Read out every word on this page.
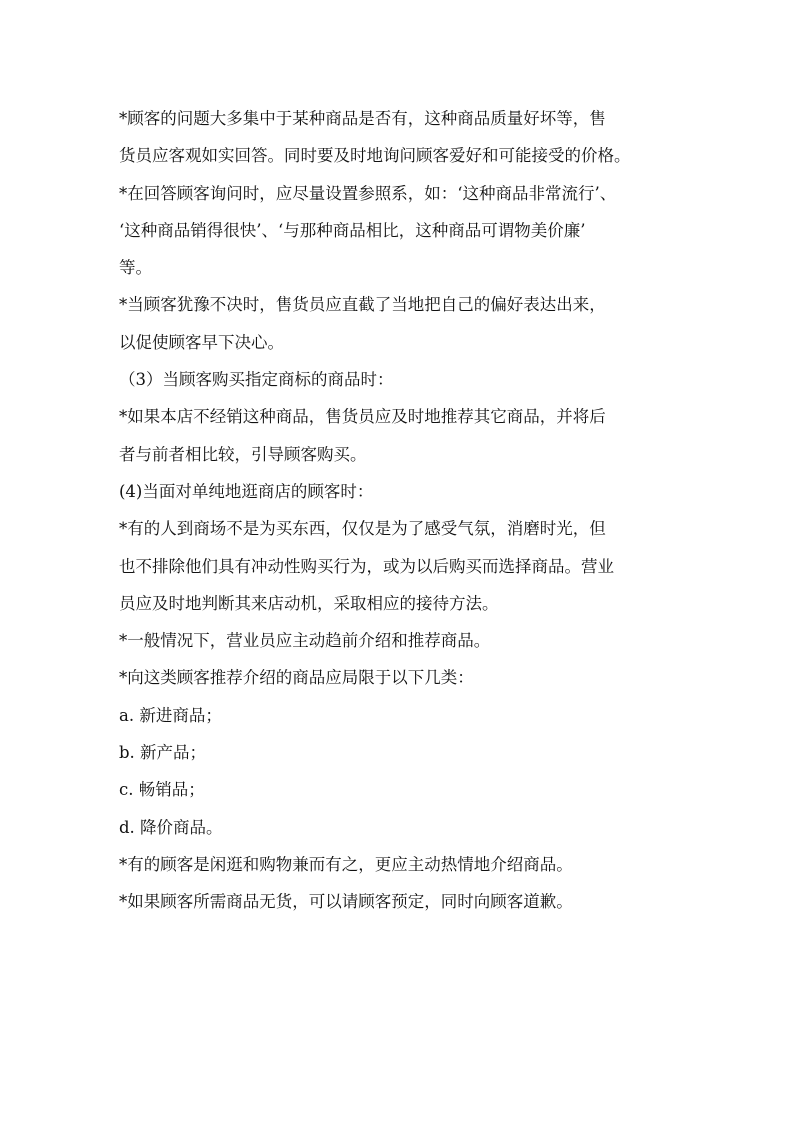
*顾客的问题大多集中于某种商品是否有，这种商品质量好坏等，售
货员应客观如实回答。同时要及时地询问顾客爱好和可能接受的价格。
*在回答顾客询问时，应尽量设置参照系，如：‘这种商品非常流行’、
‘这种商品销得很快’、‘与那种商品相比，这种商品可谓物美价廉’
等。
*当顾客犹豫不决时，售货员应直截了当地把自己的偏好表达出来，
以促使顾客早下决心。
（3）当顾客购买指定商标的商品时：
*如果本店不经销这种商品，售货员应及时地推荐其它商品，并将后
者与前者相比较，引导顾客购买。
(4)当面对单纯地逛商店的顾客时：
*有的人到商场不是为买东西，仅仅是为了感受气氛，消磨时光，但
也不排除他们具有冲动性购买行为，或为以后购买而选择商品。营业
员应及时地判断其来店动机，采取相应的接待方法。
*一般情况下，营业员应主动趋前介绍和推荐商品。
*向这类顾客推荐介绍的商品应局限于以下几类：
a. 新进商品；
b. 新产品；
c. 畅销品；
d. 降价商品。
*有的顾客是闲逛和购物兼而有之，更应主动热情地介绍商品。
*如果顾客所需商品无货，可以请顾客预定，同时向顾客道歉。
